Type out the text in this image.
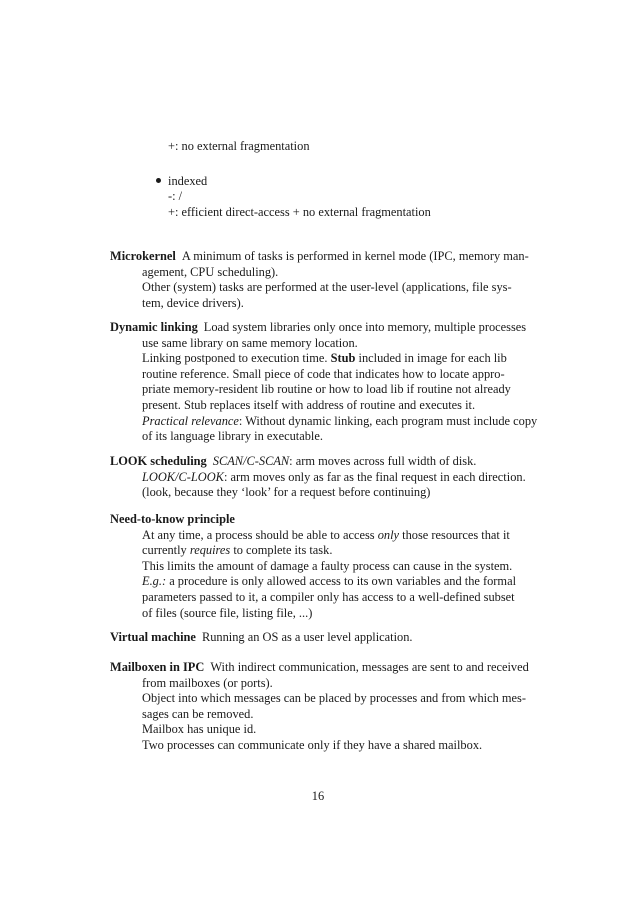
+: no external fragmentation
indexed
-: /
+: efficient direct-access + no external fragmentation
Microkernel A minimum of tasks is performed in kernel mode (IPC, memory man-
agement, CPU scheduling).
Other (system) tasks are performed at the user-level (applications, file sys-
tem, device drivers).
Dynamic linking Load system libraries only once into memory, multiple processes
use same library on same memory location.
Linking postponed to execution time. Stub included in image for each lib
routine reference. Small piece of code that indicates how to locate appro-
priate memory-resident lib routine or how to load lib if routine not already
present. Stub replaces itself with address of routine and executes it.
Practical relevance: Without dynamic linking, each program must include copy
of its language library in executable.
LOOK scheduling SCAN/C-SCAN: arm moves across full width of disk.
LOOK/C-LOOK: arm moves only as far as the final request in each direction.
(look, because they ‘look’ for a request before continuing)
Need-to-know principle
At any time, a process should be able to access only those resources that it
currently requires to complete its task.
This limits the amount of damage a faulty process can cause in the system.
E.g.: a procedure is only allowed access to its own variables and the formal
parameters passed to it, a compiler only has access to a well-defined subset
of files (source file, listing file, ...)
Virtual machine Running an OS as a user level application.
Mailboxen in IPC With indirect communication, messages are sent to and received
from mailboxes (or ports).
Object into which messages can be placed by processes and from which mes-
sages can be removed.
Mailbox has unique id.
Two processes can communicate only if they have a shared mailbox.
16
